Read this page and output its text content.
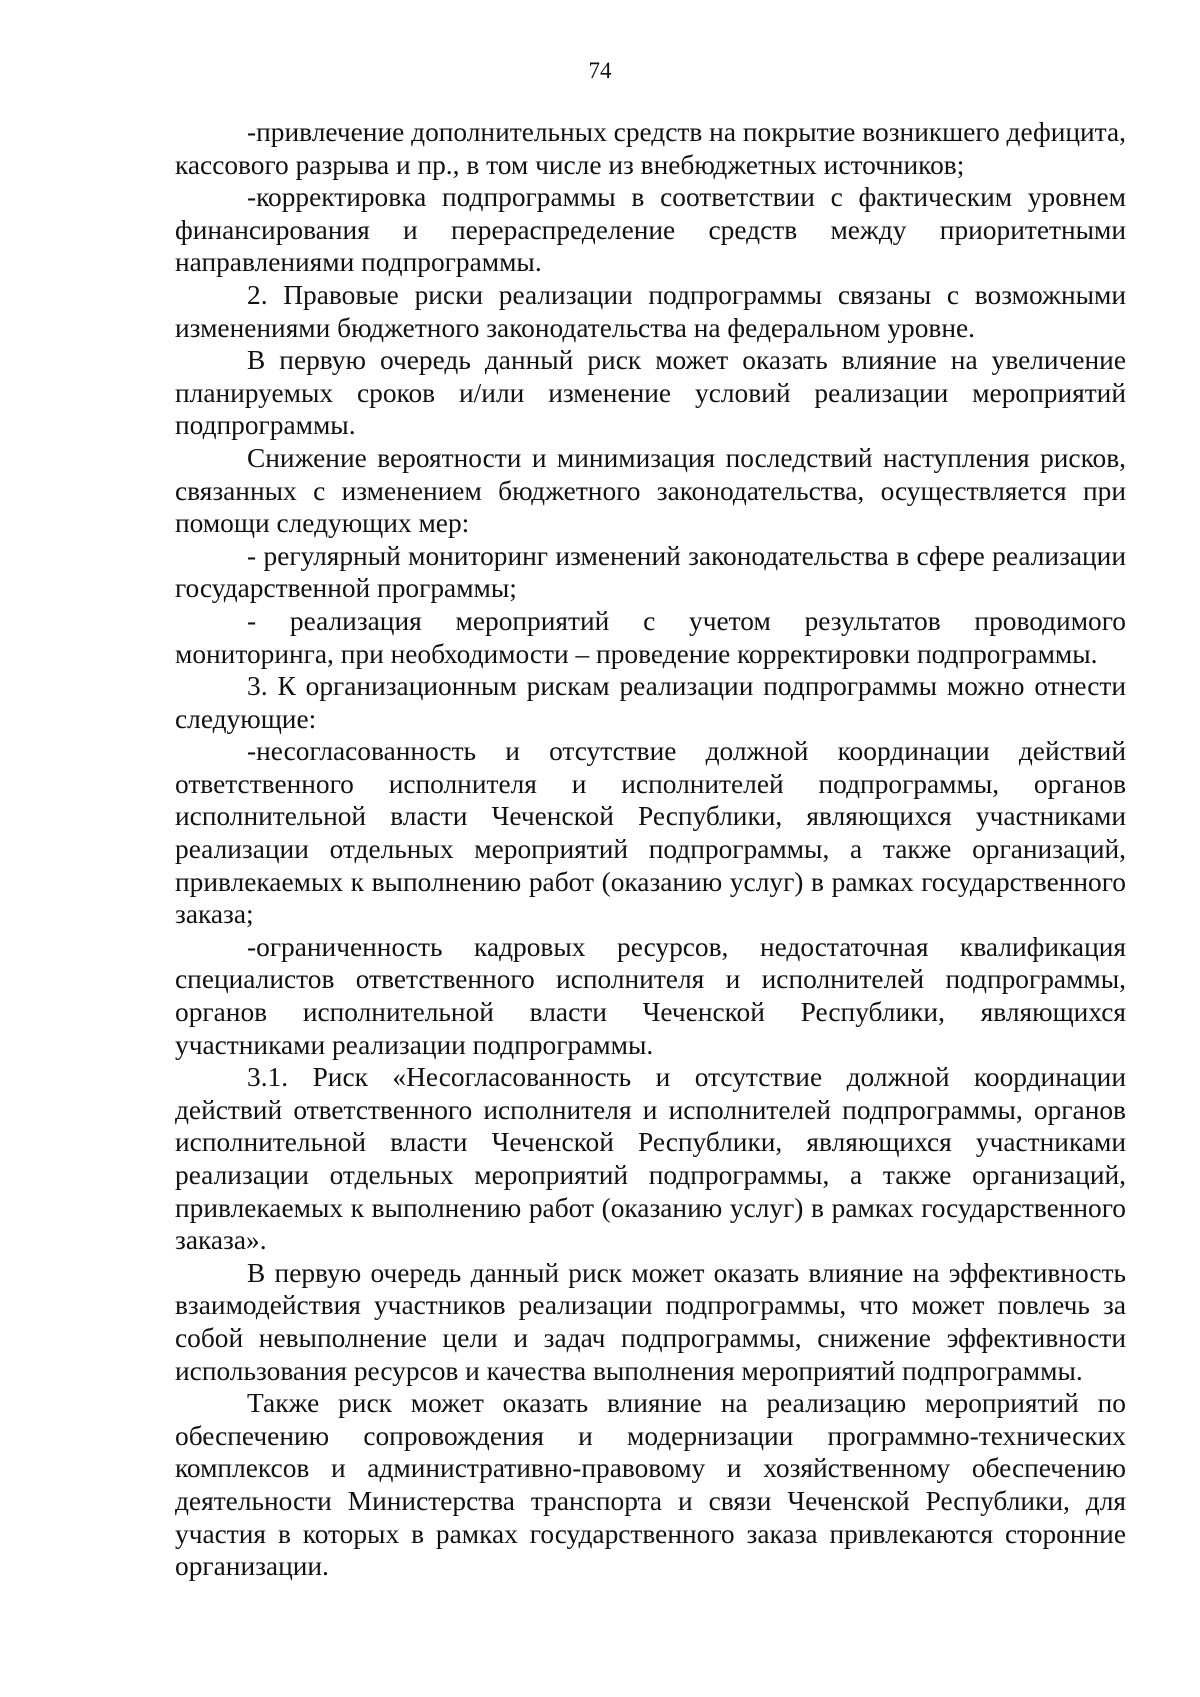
74

-привлечение дополнительных средств на покрытие возникшего дефицита, кассового разрыва и пр., в том числе из внебюджетных источников;

-корректировка подпрограммы в соответствии с фактическим уровнем финансирования и перераспределение средств между приоритетными направлениями подпрограммы.

2. Правовые риски реализации подпрограммы связаны с возможными изменениями бюджетного законодательства на федеральном уровне.

В первую очередь данный риск может оказать влияние на увеличение планируемых сроков и/или изменение условий реализации мероприятий подпрограммы.

Снижение вероятности и минимизация последствий наступления рисков, связанных с изменением бюджетного законодательства, осуществляется при помощи следующих мер:

- регулярный мониторинг изменений законодательства в сфере реализации государственной программы;

- реализация мероприятий с учетом результатов проводимого мониторинга, при необходимости – проведение корректировки подпрограммы.

3. К организационным рискам реализации подпрограммы можно отнести следующие:

-несогласованность и отсутствие должной координации действий ответственного исполнителя и исполнителей подпрограммы, органов исполнительной власти Чеченской Республики, являющихся участниками реализации отдельных мероприятий подпрограммы, а также организаций, привлекаемых к выполнению работ (оказанию услуг) в рамках государственного заказа;

-ограниченность кадровых ресурсов, недостаточная квалификация специалистов ответственного исполнителя и исполнителей подпрограммы, органов исполнительной власти Чеченской Республики, являющихся участниками реализации подпрограммы.

3.1. Риск «Несогласованность и отсутствие должной координации действий ответственного исполнителя и исполнителей подпрограммы, органов исполнительной власти Чеченской Республики, являющихся участниками реализации отдельных мероприятий подпрограммы, а также организаций, привлекаемых к выполнению работ (оказанию услуг) в рамках государственного заказа».

В первую очередь данный риск может оказать влияние на эффективность взаимодействия участников реализации подпрограммы, что может повлечь за собой невыполнение цели и задач подпрограммы, снижение эффективности использования ресурсов и качества выполнения мероприятий подпрограммы.

Также риск может оказать влияние на реализацию мероприятий по обеспечению сопровождения и модернизации программно-технических комплексов и административно-правовому и хозяйственному обеспечению деятельности Министерства транспорта и связи Чеченской Республики, для участия в которых в рамках государственного заказа привлекаются сторонние организации.
